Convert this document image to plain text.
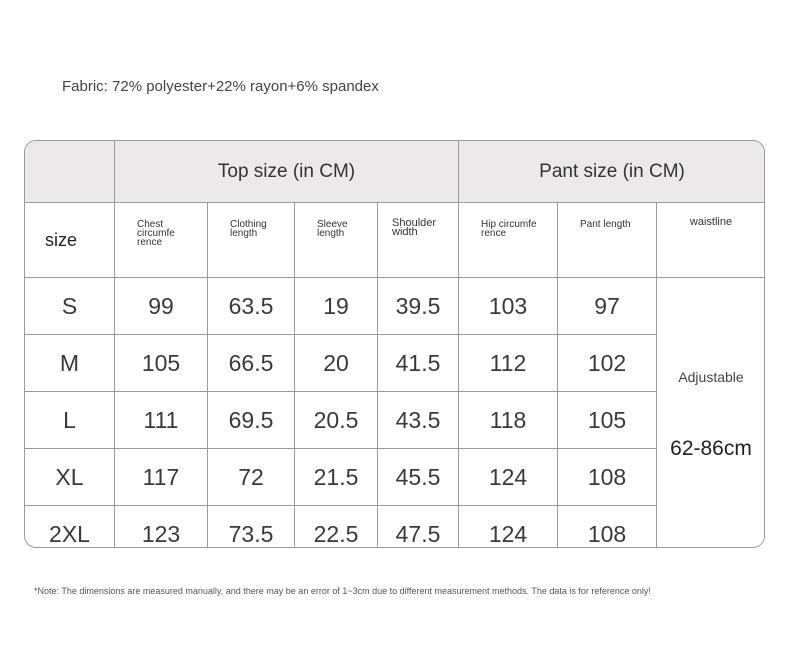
Fabric: 72% polyester+22% rayon+6% spandex
	Top size (in CM)				Pant size (in CM)		
size	Chest circumfe rence	Clothing length	Sleeve length	Shoulder width	Hip circumfe rence	Pant length	waistline
S	99	63.5	19	39.5	103	97	Adjustable
62-86cm

M	105	66.5	20	41.5	112	102	
L	111	69.5	20.5	43.5	118	105	
XL	117	72	21.5	45.5	124	108	
2XL	123	73.5	22.5	47.5	124	108	
*Note: The dimensions are measured manually, and there may be an error of 1~3cm due to different measurement methods. The data is for reference only!
